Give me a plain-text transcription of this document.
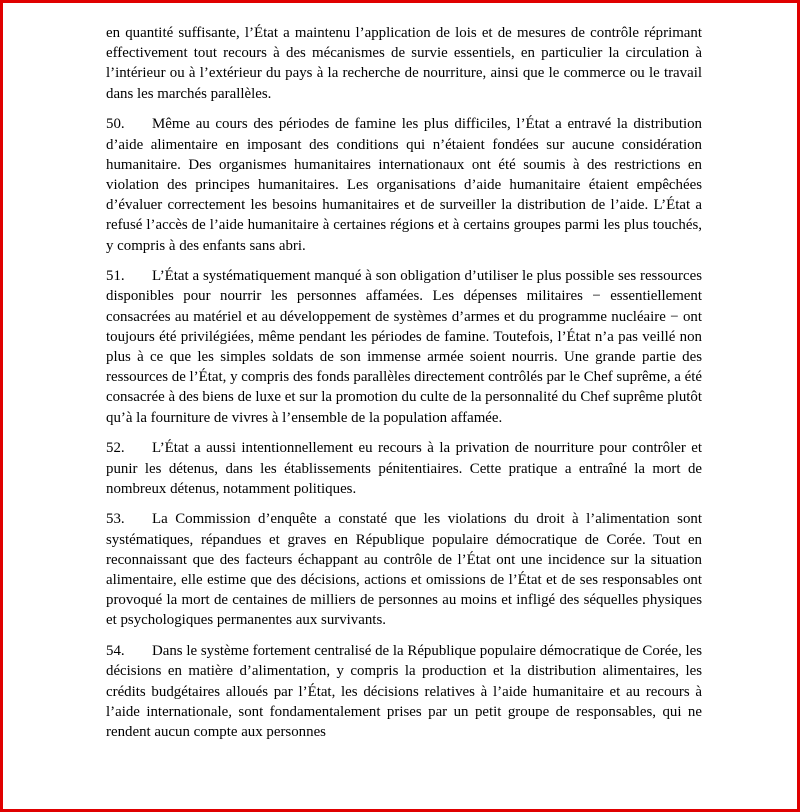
en quantité suffisante, l’État a maintenu l’application de lois et de mesures de contrôle réprimant effectivement tout recours à des mécanismes de survie essentiels, en particulier la circulation à l’intérieur ou à l’extérieur du pays à la recherche de nourriture, ainsi que le commerce ou le travail dans les marchés parallèles.

50. Même au cours des périodes de famine les plus difficiles, l’État a entravé la distribution d’aide alimentaire en imposant des conditions qui n’étaient fondées sur aucune considération humanitaire. Des organismes humanitaires internationaux ont été soumis à des restrictions en violation des principes humanitaires. Les organisations d’aide humanitaire étaient empêchées d’évaluer correctement les besoins humanitaires et de surveiller la distribution de l’aide. L’État a refusé l’accès de l’aide humanitaire à certaines régions et à certains groupes parmi les plus touchés, y compris à des enfants sans abri.

51. L’État a systématiquement manqué à son obligation d’utiliser le plus possible ses ressources disponibles pour nourrir les personnes affamées. Les dépenses militaires − essentiellement consacrées au matériel et au développement de systèmes d’armes et du programme nucléaire − ont toujours été privilégiées, même pendant les périodes de famine. Toutefois, l’État n’a pas veillé non plus à ce que les simples soldats de son immense armée soient nourris. Une grande partie des ressources de l’État, y compris des fonds parallèles directement contrôlés par le Chef suprême, a été consacrée à des biens de luxe et sur la promotion du culte de la personnalité du Chef suprême plutôt qu’à la fourniture de vivres à l’ensemble de la population affamée.

52. L’État a aussi intentionnellement eu recours à la privation de nourriture pour contrôler et punir les détenus, dans les établissements pénitentiaires. Cette pratique a entraîné la mort de nombreux détenus, notamment politiques.

53. La Commission d’enquête a constaté que les violations du droit à l’alimentation sont systématiques, répandues et graves en République populaire démocratique de Corée. Tout en reconnaissant que des facteurs échappant au contrôle de l’État ont une incidence sur la situation alimentaire, elle estime que des décisions, actions et omissions de l’État et de ses responsables ont provoqué la mort de centaines de milliers de personnes au moins et infligé des séquelles physiques et psychologiques permanentes aux survivants.

54. Dans le système fortement centralisé de la République populaire démocratique de Corée, les décisions en matière d’alimentation, y compris la production et la distribution alimentaires, les crédits budgétaires alloués par l’État, les décisions relatives à l’aide humanitaire et au recours à l’aide internationale, sont fondamentalement prises par un petit groupe de responsables, qui ne rendent aucun compte aux personnes
